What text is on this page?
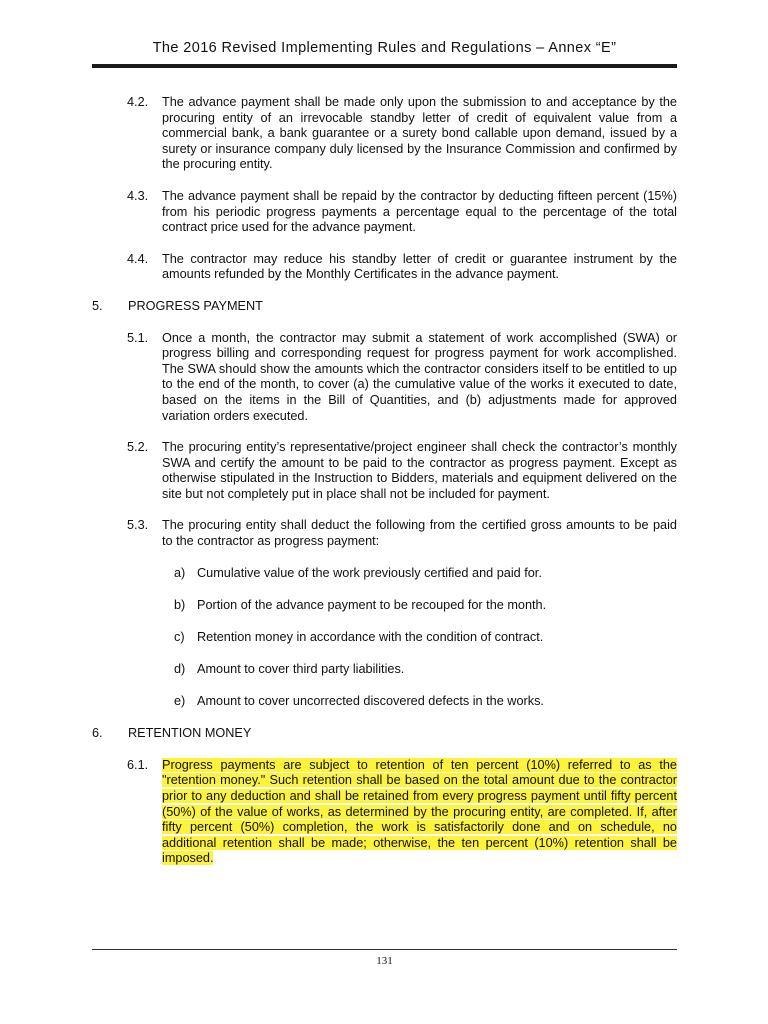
The 2016 Revised Implementing Rules and Regulations – Annex “E”
4.2. The advance payment shall be made only upon the submission to and acceptance by the procuring entity of an irrevocable standby letter of credit of equivalent value from a commercial bank, a bank guarantee or a surety bond callable upon demand, issued by a surety or insurance company duly licensed by the Insurance Commission and confirmed by the procuring entity.
4.3. The advance payment shall be repaid by the contractor by deducting fifteen percent (15%) from his periodic progress payments a percentage equal to the percentage of the total contract price used for the advance payment.
4.4. The contractor may reduce his standby letter of credit or guarantee instrument by the amounts refunded by the Monthly Certificates in the advance payment.
5. PROGRESS PAYMENT
5.1. Once a month, the contractor may submit a statement of work accomplished (SWA) or progress billing and corresponding request for progress payment for work accomplished. The SWA should show the amounts which the contractor considers itself to be entitled to up to the end of the month, to cover (a) the cumulative value of the works it executed to date, based on the items in the Bill of Quantities, and (b) adjustments made for approved variation orders executed.
5.2. The procuring entity’s representative/project engineer shall check the contractor’s monthly SWA and certify the amount to be paid to the contractor as progress payment. Except as otherwise stipulated in the Instruction to Bidders, materials and equipment delivered on the site but not completely put in place shall not be included for payment.
5.3. The procuring entity shall deduct the following from the certified gross amounts to be paid to the contractor as progress payment:
a) Cumulative value of the work previously certified and paid for.
b) Portion of the advance payment to be recouped for the month.
c) Retention money in accordance with the condition of contract.
d) Amount to cover third party liabilities.
e) Amount to cover uncorrected discovered defects in the works.
6. RETENTION MONEY
6.1. Progress payments are subject to retention of ten percent (10%) referred to as the "retention money." Such retention shall be based on the total amount due to the contractor prior to any deduction and shall be retained from every progress payment until fifty percent (50%) of the value of works, as determined by the procuring entity, are completed. If, after fifty percent (50%) completion, the work is satisfactorily done and on schedule, no additional retention shall be made; otherwise, the ten percent (10%) retention shall be imposed.
131
